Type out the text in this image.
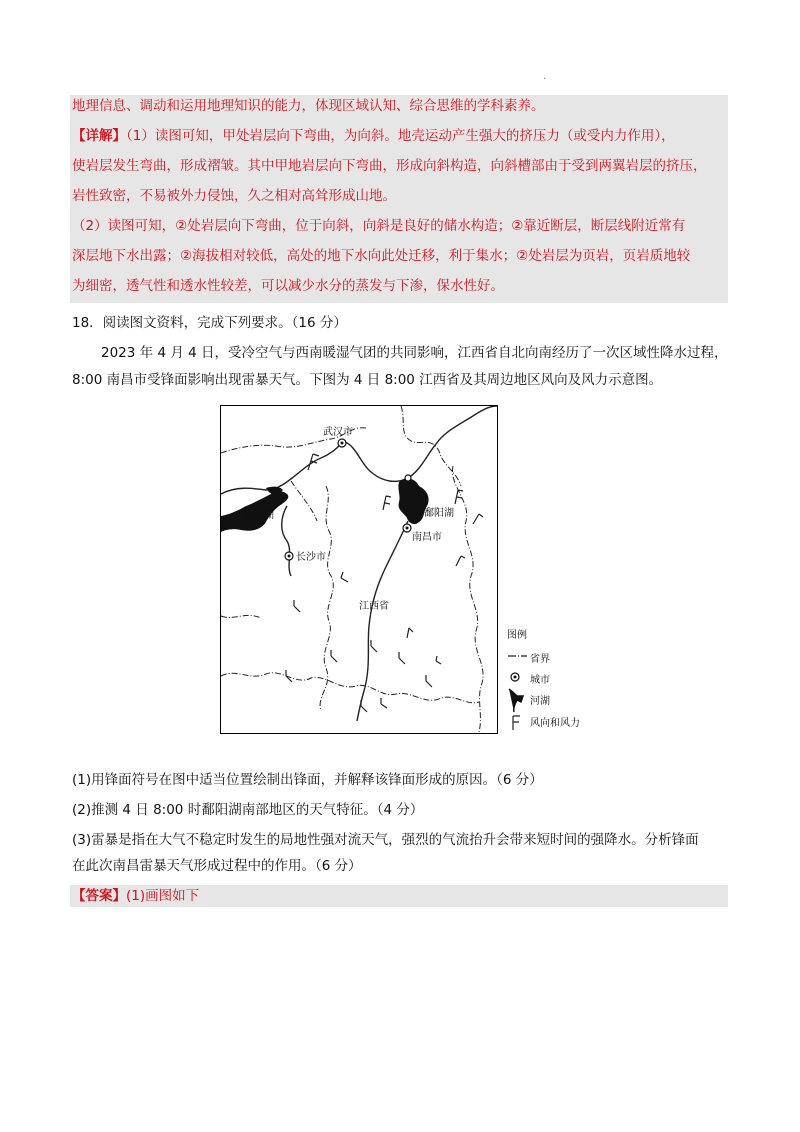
·
地理信息、调动和运用地理知识的能力，体现区域认知、综合思维的学科素养。
【详解】（1）读图可知，甲处岩层向下弯曲，为向斜。地壳运动产生强大的挤压力（或受内力作用），
使岩层发生弯曲，形成褶皱。其中甲地岩层向下弯曲，形成向斜构造，向斜槽部由于受到两翼岩层的挤压，
岩性致密，不易被外力侵蚀，久之相对高耸形成山地。
（2）读图可知，②处岩层向下弯曲，位于向斜，向斜是良好的储水构造；②靠近断层，断层线附近常有
深层地下水出露；②海拔相对较低，高处的地下水向此处迁移，利于集水；②处岩层为页岩，页岩质地较
为细密，透气性和透水性较差，可以减少水分的蒸发与下渗，保水性好。
18．阅读图文资料，完成下列要求。（16 分）
2023 年 4 月 4 日，受冷空气与西南暖湿气团的共同影响，江西省自北向南经历了一次区域性降水过程，
8:00 南昌市受锋面影响出现雷暴天气。下图为 4 日 8:00 江西省及其周边地区风向及风力示意图。
武汉市
洞庭湖	鄱阳湖
南昌市
长沙市
江西省
图例
省界
城市
河湖
风向和风力
(1)用锋面符号在图中适当位置绘制出锋面，并解释该锋面形成的原因。（6 分）
(2)推测 4 日 8:00 时鄱阳湖南部地区的天气特征。（4 分）
(3)雷暴是指在大气不稳定时发生的局地性强对流天气，强烈的气流抬升会带来短时间的强降水。分析锋面
在此次南昌雷暴天气形成过程中的作用。（6 分）
【答案】(1)画图如下
